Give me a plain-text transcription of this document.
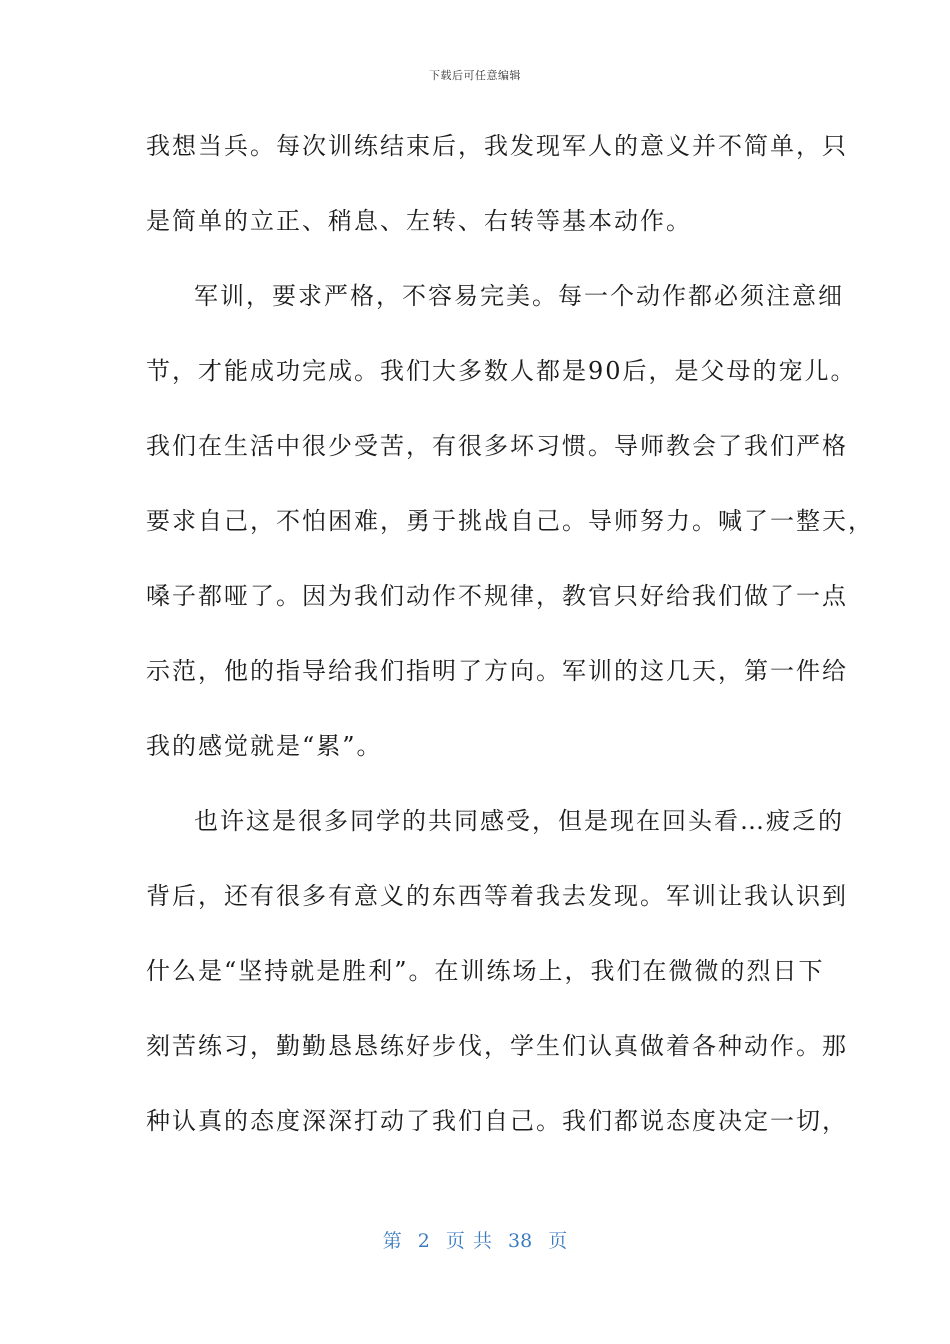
下载后可任意编辑
我想当兵。每次训练结束后，我发现军人的意义并不简单，只
是简单的立正、稍息、左转、右转等基本动作。
军训，要求严格，不容易完美。每一个动作都必须注意细
节，才能成功完成。我们大多数人都是90后，是父母的宠儿。
我们在生活中很少受苦，有很多坏习惯。导师教会了我们严格
要求自己，不怕困难，勇于挑战自己。导师努力。喊了一整天，
嗓子都哑了。因为我们动作不规律，教官只好给我们做了一点
示范，他的指导给我们指明了方向。军训的这几天，第一件给
我的感觉就是“累”。
也许这是很多同学的共同感受，但是现在回头看…疲乏的
背后，还有很多有意义的东西等着我去发现。军训让我认识到
什么是“坚持就是胜利”。在训练场上，我们在微微的烈日下
刻苦练习，勤勤恳恳练好步伐，学生们认真做着各种动作。那
种认真的态度深深打动了我们自己。我们都说态度决定一切，
第 2 页 共 38 页
